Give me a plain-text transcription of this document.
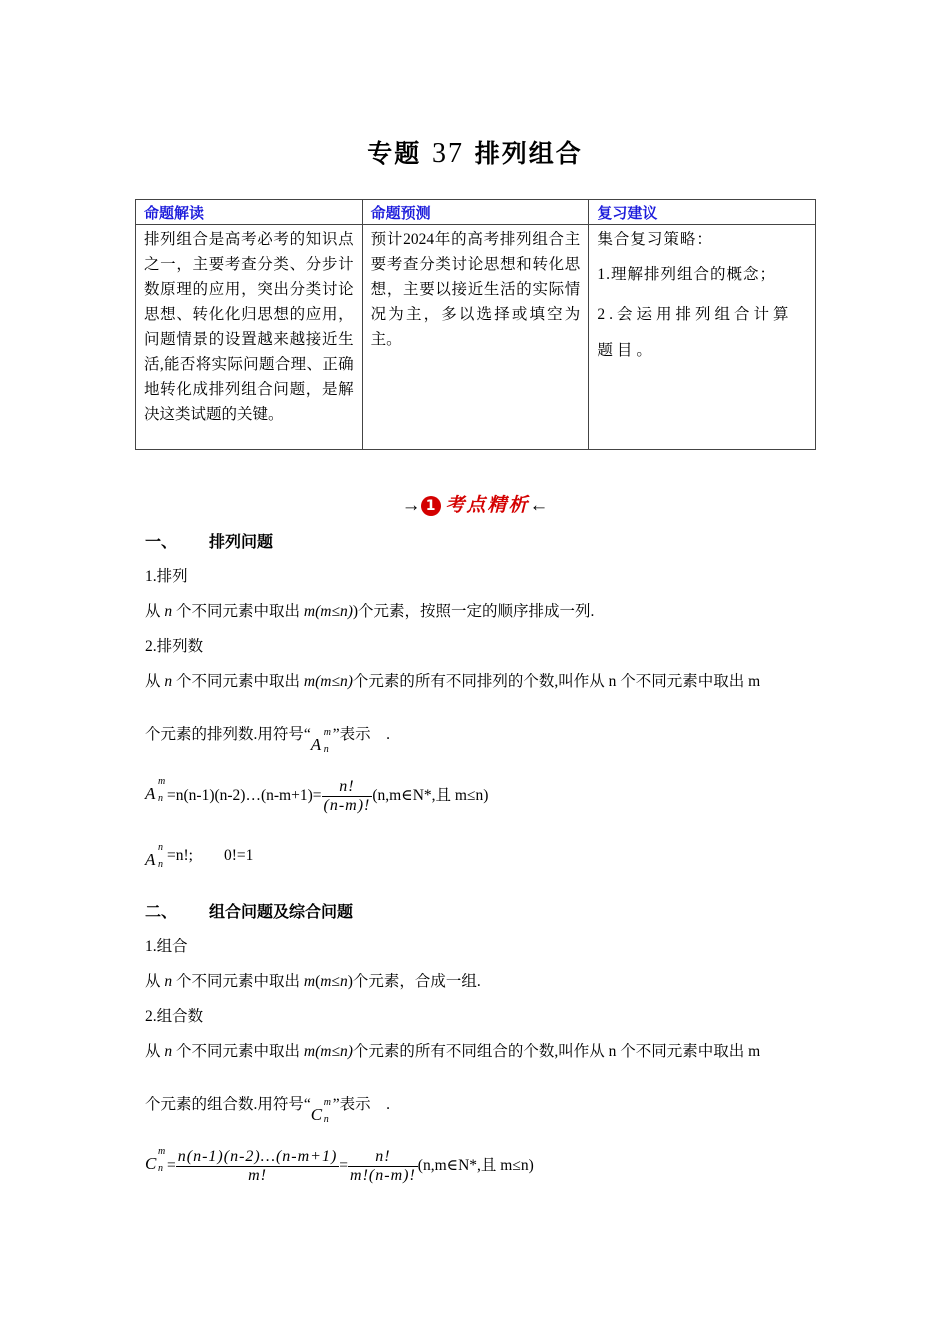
专题 37 排列组合
命题解读	命题预测	复习建议
排列组合是高考必考的知识点之一，主要考查分类、分步计数原理的应用，突出分类讨论思想、转化化归思想的应用，问题情景的设置越来越接近生活,能否将实际问题合理、正确地转化成排列组合问题，是解决这类试题的关键。	预计2024年的高考排列组合主要考查分类讨论思想和转化思想，主要以接近生活的实际情况为主，多以选择或填空为主。	集合复习策略：

1.理解排列组合的概念；

2.会运用排列组合计算题目。

→ 1 考点精析←
一、 排列问题
1.排列
从 n 个不同元素中取出 m(m≤n))个元素，按照一定的顺序排成一列.
2.排列数
从 n 个不同元素中取出 m(m≤n)个元素的所有不同排列的个数,叫作从 n 个不同元素中取出 m
个元素的排列数.用符号“
A
m
n
”表示　.
A
m
n =n(n-1)(n-2)…(n-m+1)= $\frac{n!}{(n-m)!}$ (n,m∈N*,且 m≤n)
A
n
n
=n!;　　0!=1
二、 组合问题及综合问题
1.组合
从 n 个不同元素中取出 m(m≤n)个元素，合成一组.
2.组合数
从 n 个不同元素中取出 m(m≤n)个元素的所有不同组合的个数,叫作从 n 个不同元素中取出 m
个元素的组合数.用符号“
C
m
n
”表示　.
C
m
$n = \frac{n(n-1)(n-2)\dots(n-m+1)}{m!} = \frac{n!}{m!(n-m)!}$ (n,m∈N*,且 m≤n)
